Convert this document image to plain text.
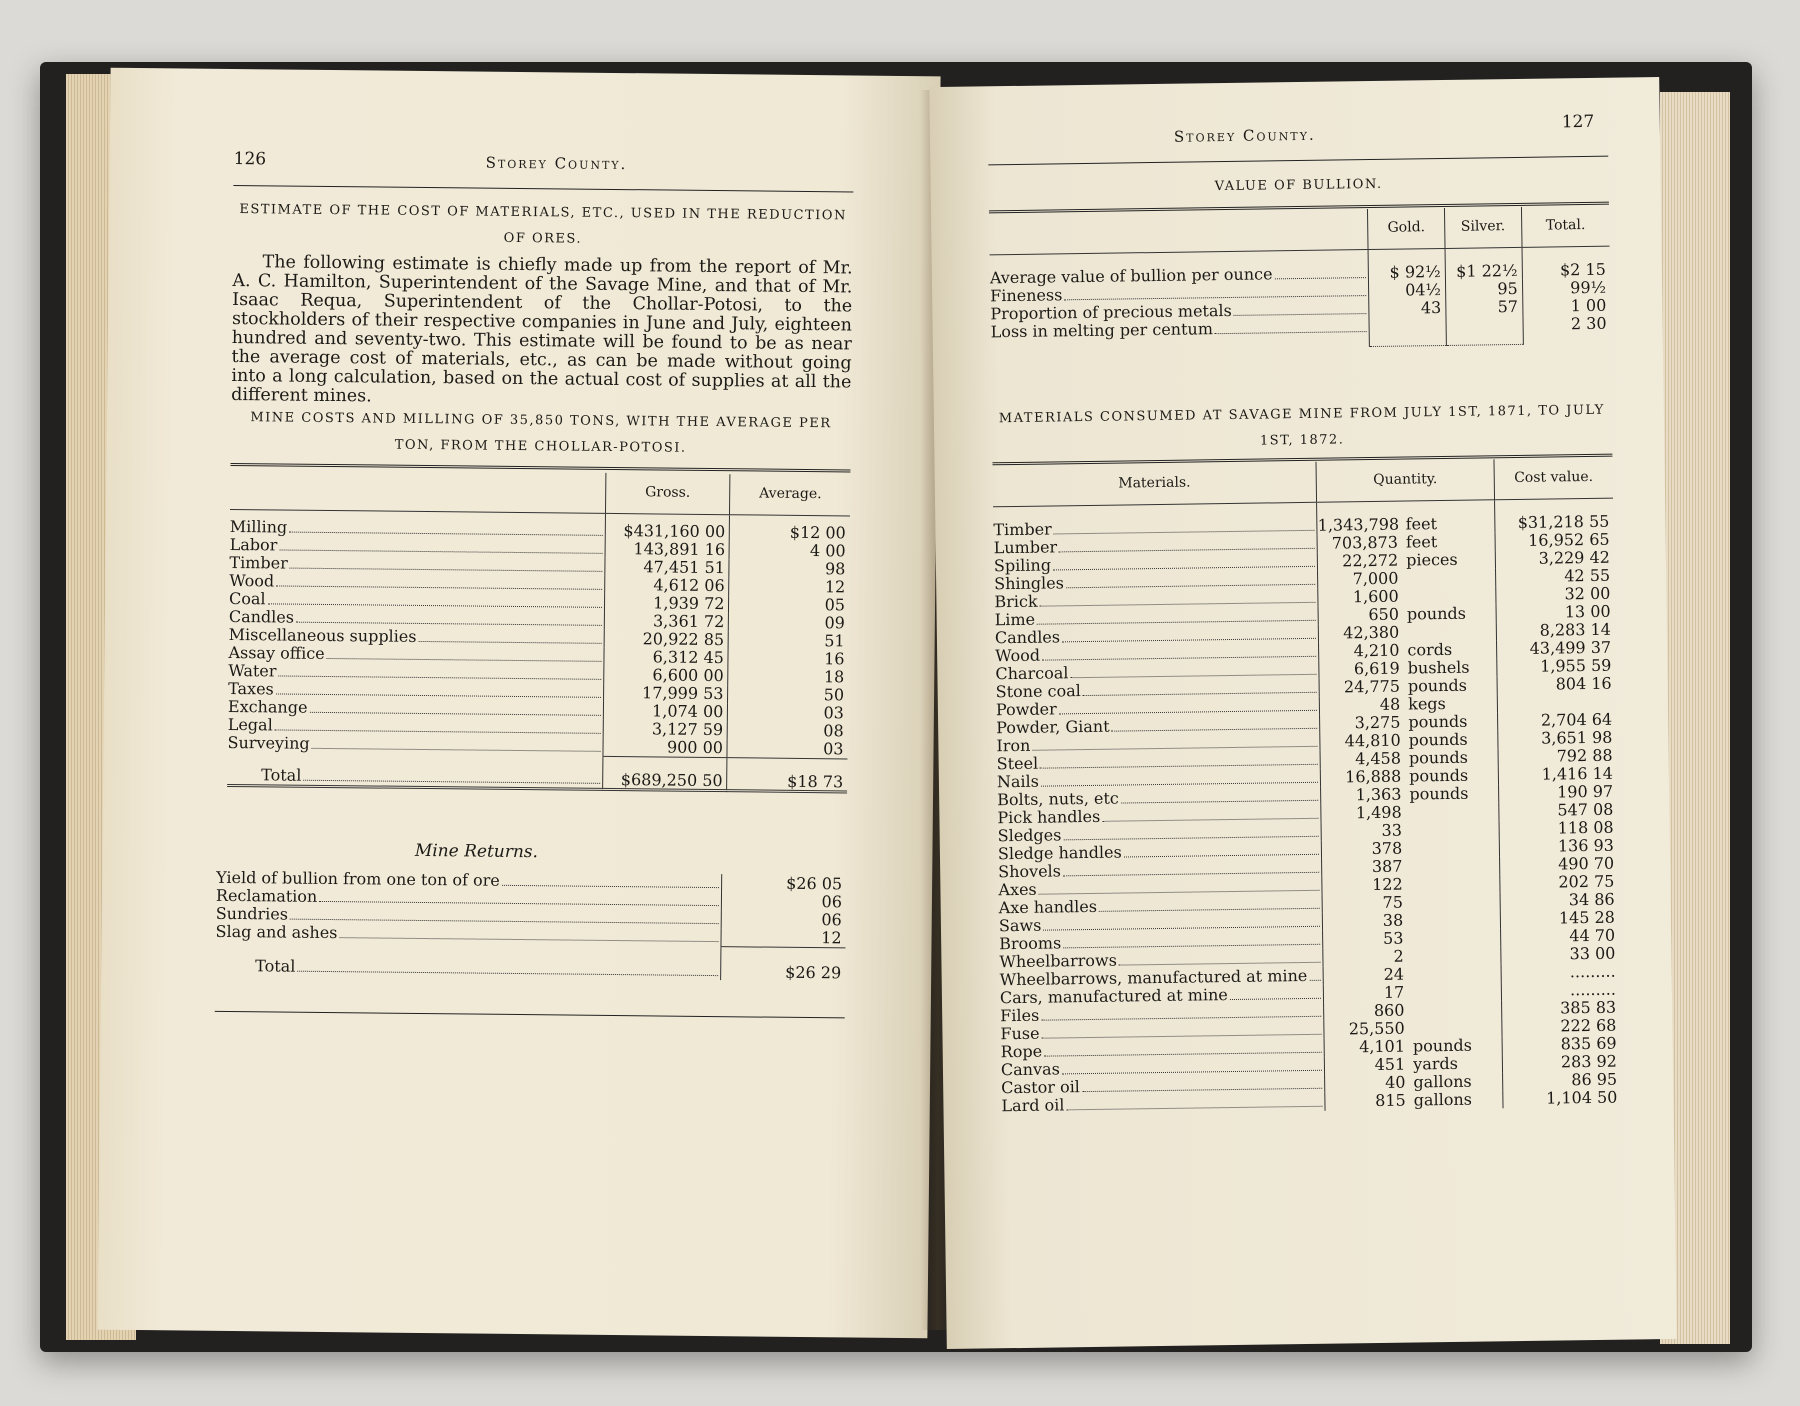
126	Storey County.
ESTIMATE OF THE COST OF MATERIALS, ETC., USED IN THE REDUCTION OF ORES.

The following estimate is chiefly made up from the report of Mr. A. C. Hamilton, Superintendent of the Savage Mine, and that of Mr. Isaac Requa, Superintendent of the Chollar-Potosi, to the stockholders of their respective companies in June and July, eighteen hundred and seventy-two. This estimate will be found to be as near the average cost of materials, etc., as can be made without going into a long calculation, based on the actual cost of supplies at all the different mines.

MINE COSTS AND MILLING OF 35,850 TONS, WITH THE AVERAGE PER TON, FROM THE CHOLLAR-POTOSI.
	Gross.	Average.

Milling	$431,160 00	$12 00

Labor	143,891 16	4 00

Timber	47,451 51	98

Wood	4,612 06	12

Coal	1,939 72	05

Candles	3,361 72	09

Miscellaneous supplies	20,922 85	51

Assay office	6,312 45	16

Water	6,600 00	18

Taxes	17,999 53	50

Exchange	1,074 00	03

Legal	3,127 59	08

Surveying	900 00	03

Total	$689,250 50	$18 73
Mine Returns.
Yield of bullion from one ton of ore	$26 05

Reclamation	06

Sundries	06

Slag and ashes	12

Total	$26 29
127
Storey County.
VALUE OF BULLION.
	Gold.	Silver.	Total.

Average value of bullion per ounce	$ 92½	$1 22½	$2 15

Fineness	04½	95	99½

Proportion of precious metals	43	57	1 00

Loss in melting per centum			2 30
MATERIALS CONSUMED AT SAVAGE MINE FROM JULY 1ST, 1871, TO JULY 1ST, 1872.
Materials.	Quantity.	Cost value.

Timber	1,343,798 feet	$31,218 55

Lumber	703,873 feet	16,952 65

Spiling	22,272 pieces	3,229 42

Shingles	7,000	42 55

Brick	1,600	32 00

Lime	650 pounds	13 00

Candles	42,380	8,283 14

Wood	4,210 cords	43,499 37

Charcoal	6,619 bushels	1,955 59

Stone coal	24,775 pounds	804 16

Powder	48 kegs	

Powder, Giant	3,275 pounds	2,704 64

Iron	44,810 pounds	3,651 98

Steel	4,458 pounds	792 88

Nails	16,888 pounds	1,416 14

Bolts, nuts, etc	1,363 pounds	190 97

Pick handles	1,498	547 08

Sledges	33	118 08

Sledge handles	378	136 93

Shovels	387	490 70

Axes	122	202 75

Axe handles	75	34 86

Saws	38	145 28

Brooms	53	44 70

Wheelbarrows	2	33 00

Wheelbarrows, manufactured at mine	24	.........

Cars, manufactured at mine	17	.........

Files	860	385 83

Fuse	25,550	222 68

Rope	4,101 pounds	835 69

Canvas	451 yards	283 92

Castor oil	40 gallons	86 95

Lard oil	815 gallons	1,104 50
